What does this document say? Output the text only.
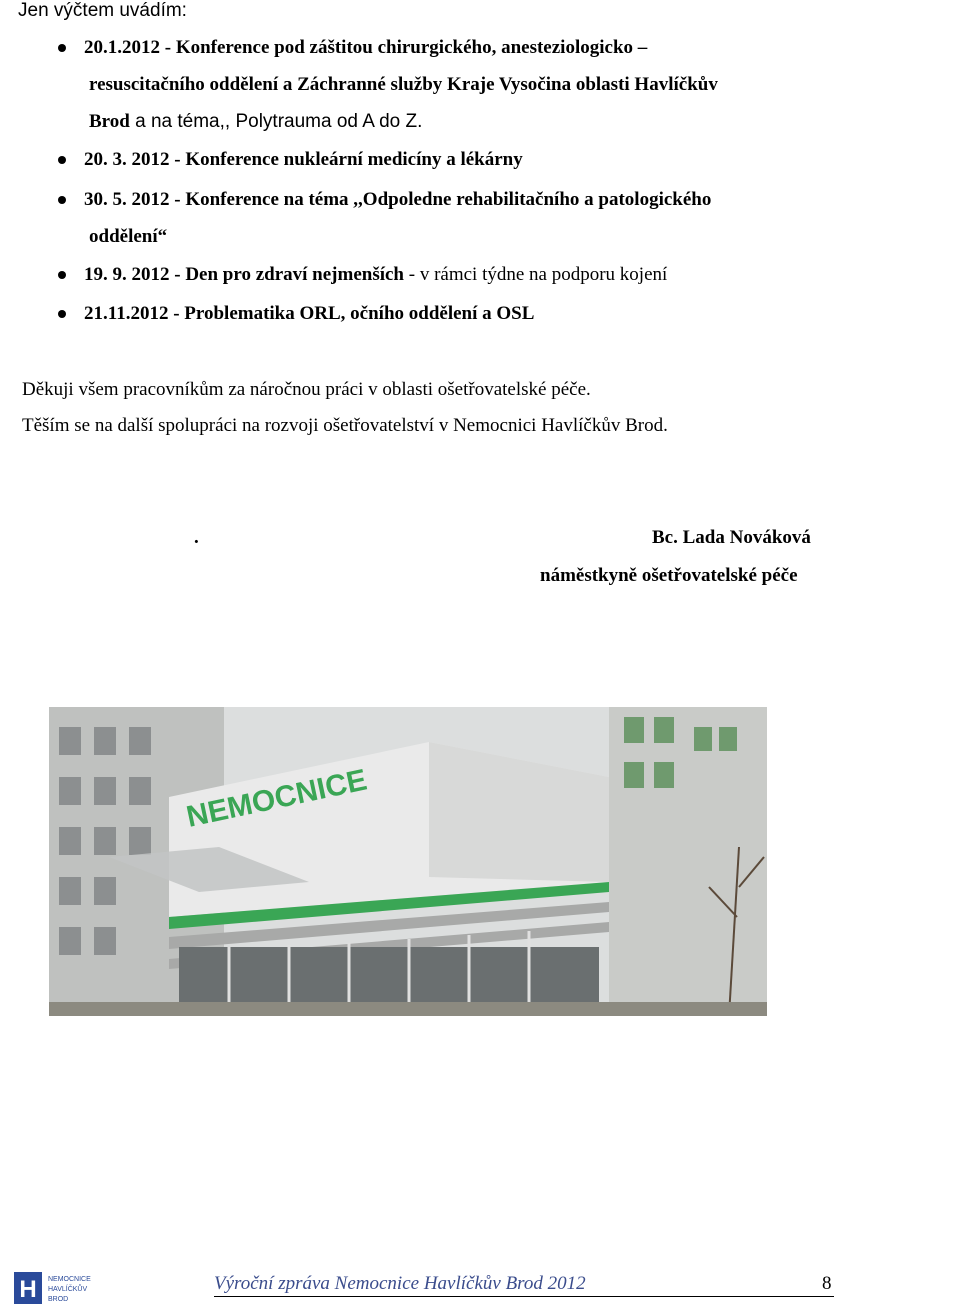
Jen výčtem uvádím:
20.1.2012 - Konference pod záštitou chirurgického, anesteziologicko –
resuscitačního oddělení a Záchranné služby Kraje Vysočina oblasti Havlíčkův
Brod a na téma,, Polytrauma od A do Z.
20. 3. 2012 - Konference nukleární medicíny a lékárny
30. 5. 2012 - Konference na téma ,,Odpoledne rehabilitačního a patologického
oddělení“
19. 9. 2012 - Den pro zdraví nejmenších - v rámci týdne na podporu kojení
21.11.2012 - Problematika ORL, očního oddělení a OSL
Děkuji všem pracovníkům za náročnou práci v oblasti ošetřovatelské péče.
Těším se na další spolupráci na rozvoji ošetřovatelství v Nemocnici Havlíčkův Brod.
.	Bc. Lada Nováková
náměstkyně ošetřovatelské péče
NEMOCNICE
H NEMOCNICE
HAVLÍČKŮV
BROD
Výroční zpráva Nemocnice Havlíčkův Brod 2012	8
